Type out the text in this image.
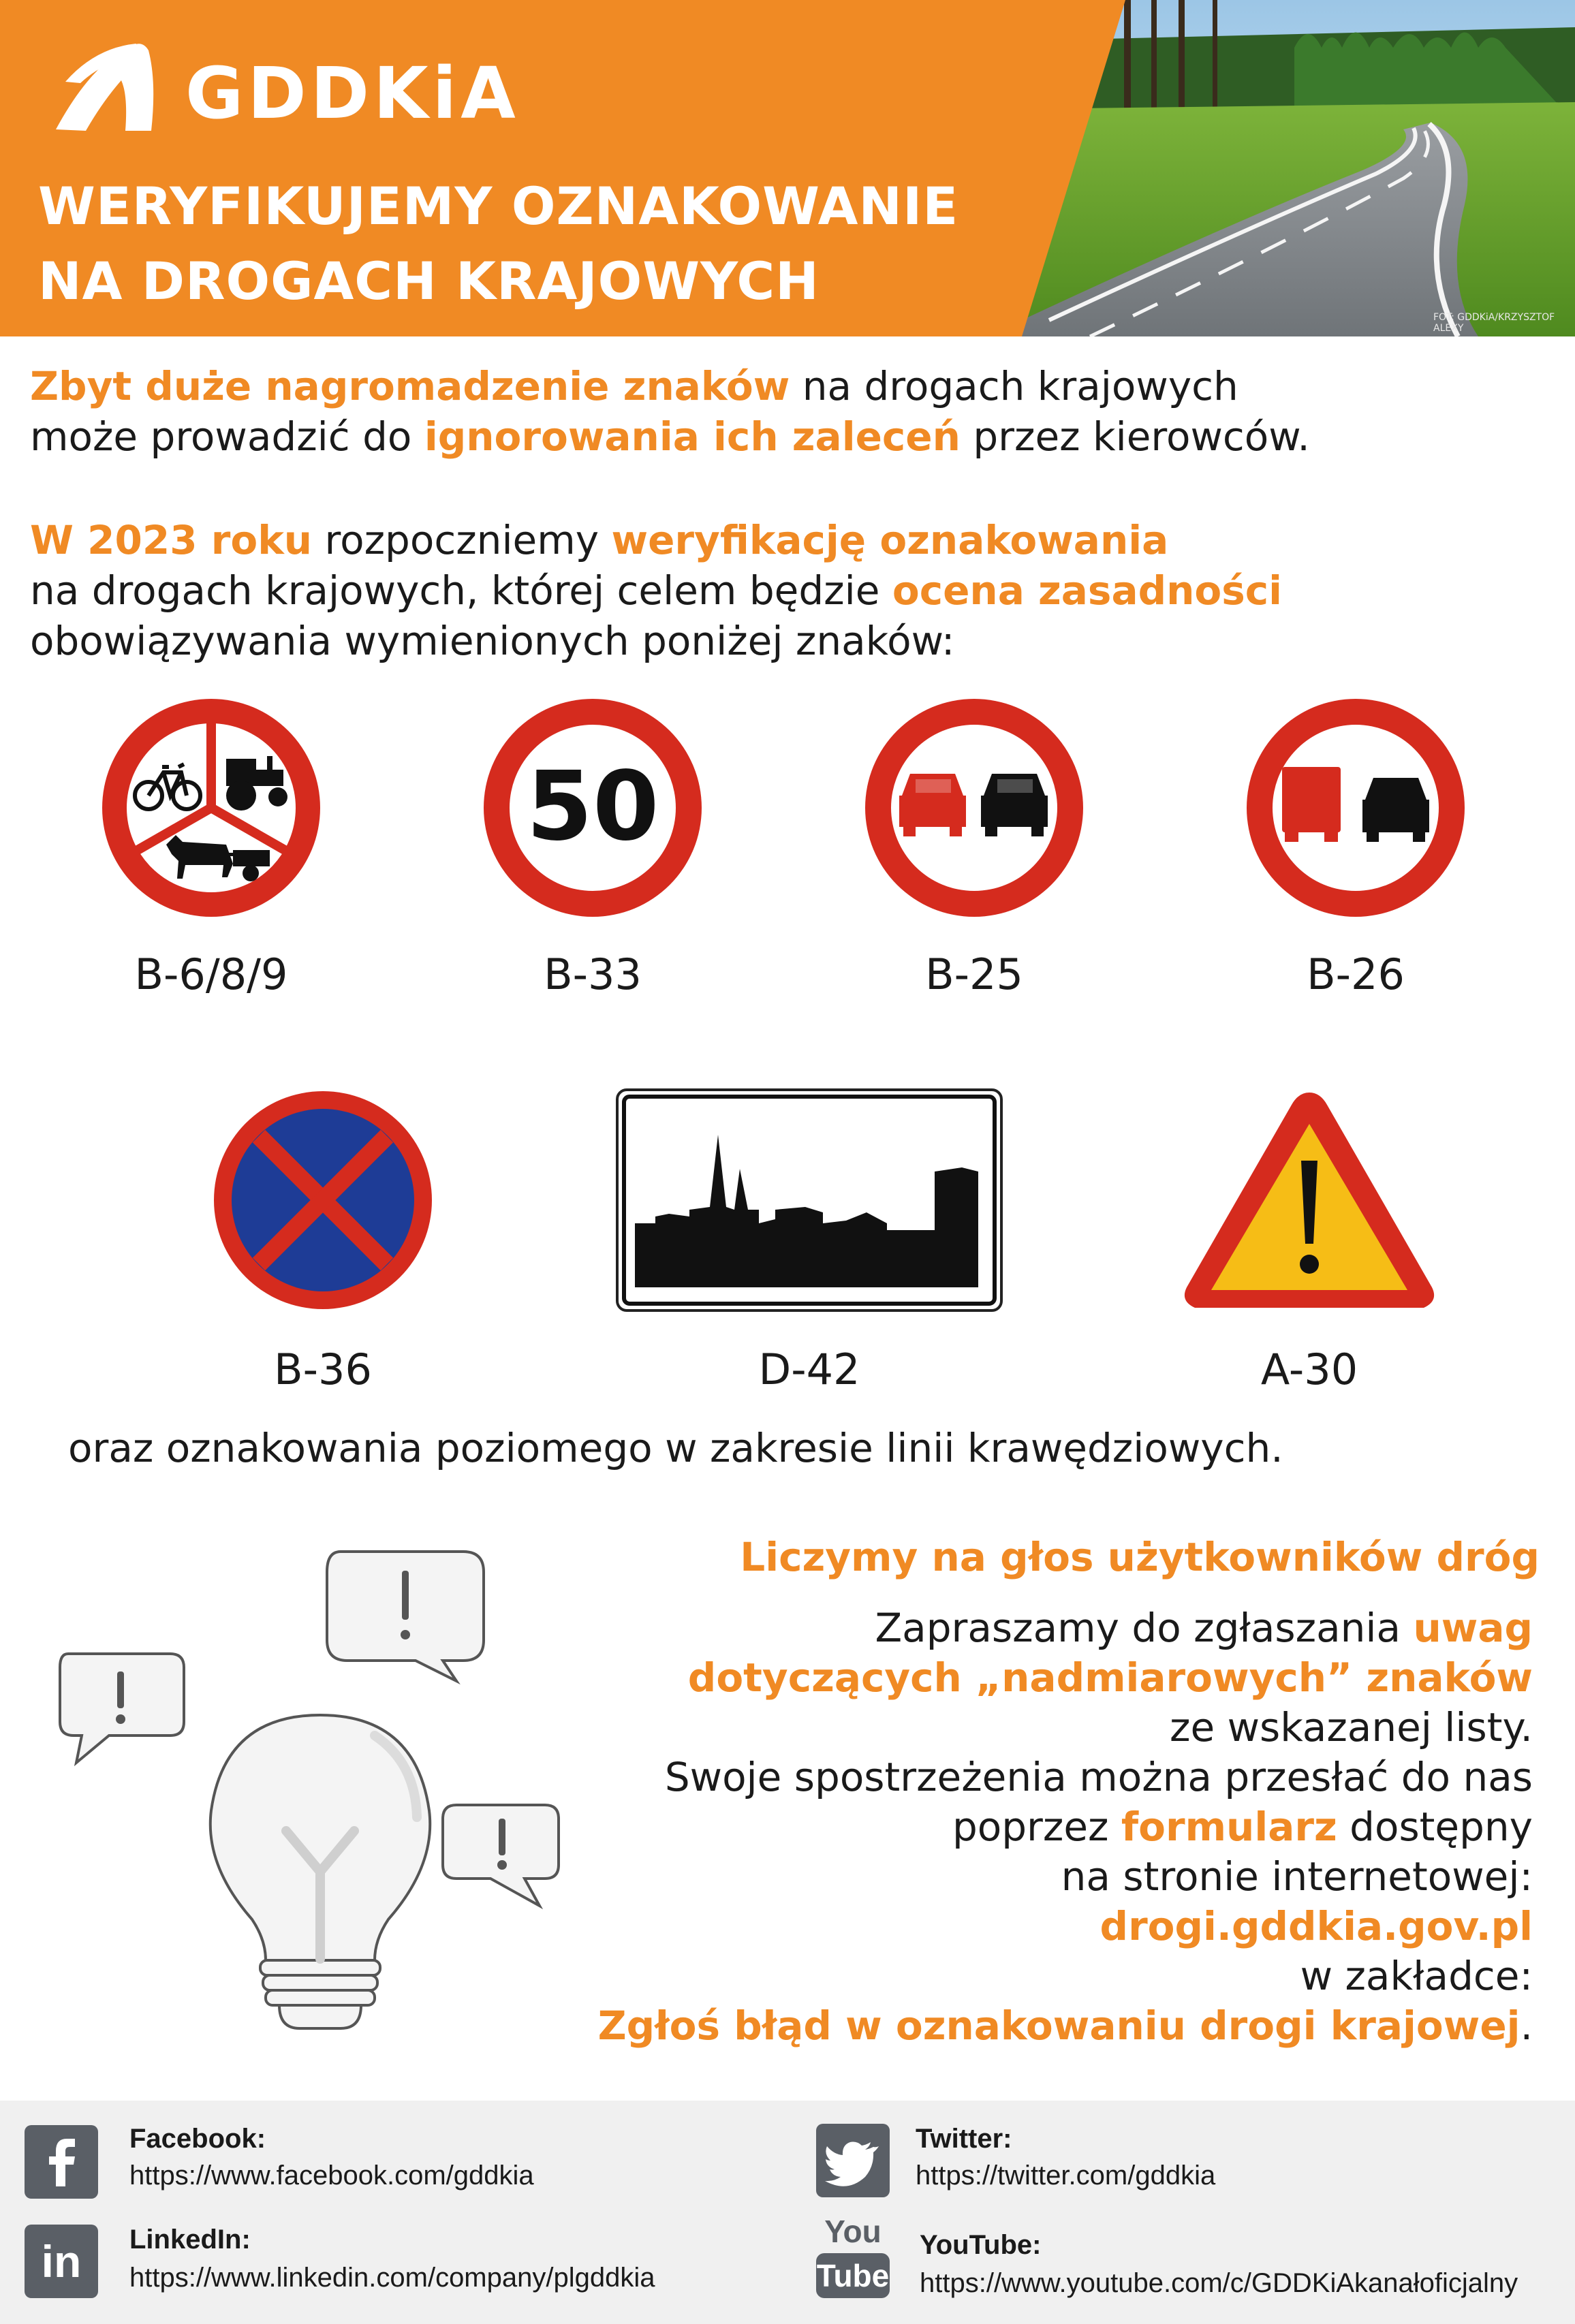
GDDKiA
WERYFIKUJEMY OZNAKOWANIE
NA DROGACH KRAJOWYCH
FOT: GDDKiA/KRZYSZTOF ALEXY
Zbyt duże nagromadzenie znaków na drogach krajowych
może prowadzić do ignorowania ich zaleceń przez kierowców.
W 2023 roku rozpoczniemy weryfikację oznakowania
na drogach krajowych, której celem będzie ocena zasadności
obowiązywania wymienionych poniżej znaków:
B-6/8/9
50
B-33	B-25	B-26
B-36	D-42	A-30
oraz oznakowania poziomego w zakresie linii krawędziowych.
Liczymy na głos użytkowników dróg
Zapraszamy do zgłaszania uwag
dotyczących „nadmiarowych” znaków
ze wskazanej listy.
Swoje spostrzeżenia można przesłać do nas
poprzez formularz dostępny
na stronie internetowej:
drogi.gddkia.gov.pl
w zakładce:
Zgłoś błąd w oznakowaniu drogi krajowej.
Facebook:
https://www.facebook.com/gddkia
Twitter:
https://twitter.com/gddkia
in	LinkedIn:
https://www.linkedin.com/company/plgddkia
You
Tube
YouTube:
https://www.youtube.com/c/GDDKiAkanałoficjalny
